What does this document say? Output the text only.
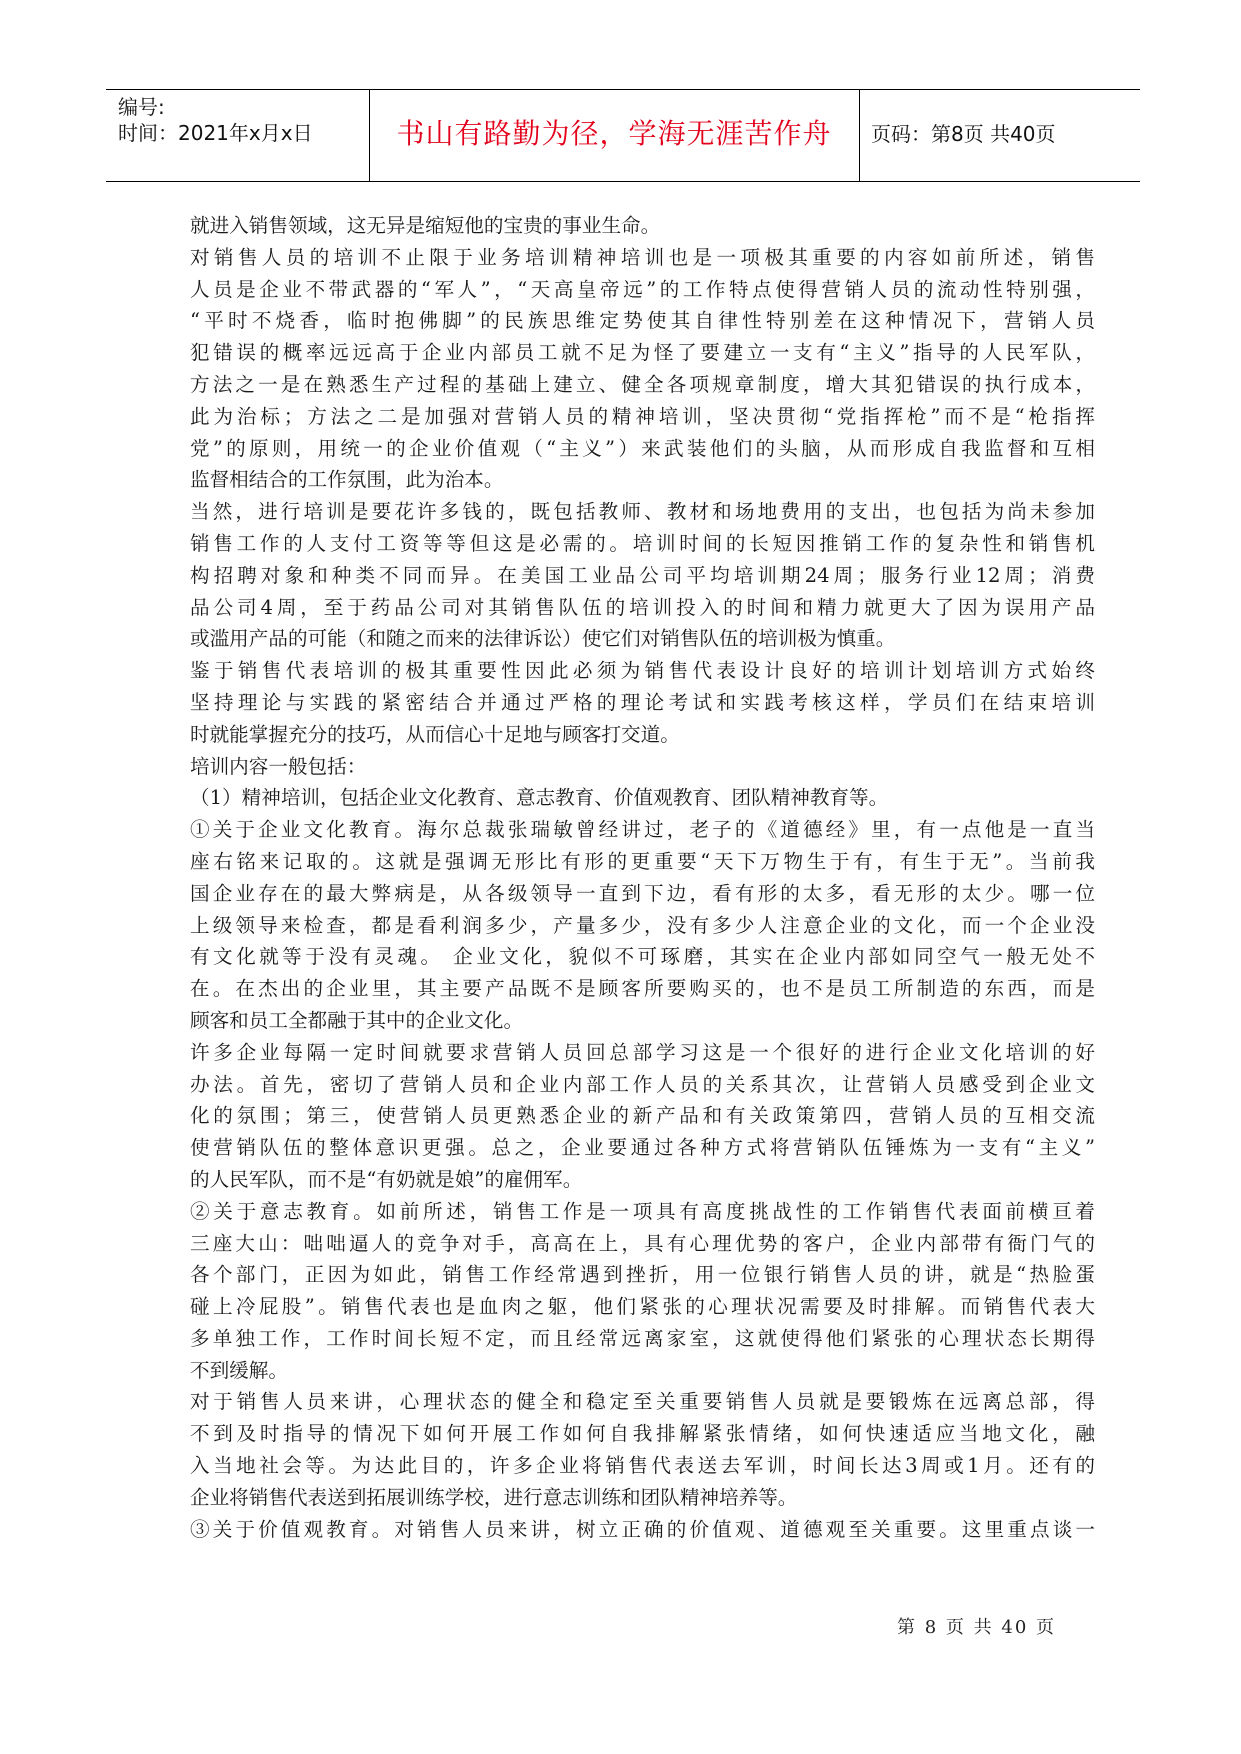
编号:
时间：2021年x月x日	书山有路勤为径，学海无涯苦作舟	页码：第8页 共40页
就进入销售领域，这无异是缩短他的宝贵的事业生命。
对销售人员的培训不止限于业务培训精神培训也是一项极其重要的内容如前所述，销售
人员是企业不带武器的“军人”，“天高皇帝远”的工作特点使得营销人员的流动性特别强，
“平时不烧香，临时抱佛脚”的民族思维定势使其自律性特别差在这种情况下，营销人员
犯错误的概率远远高于企业内部员工就不足为怪了要建立一支有“主义”指导的人民军队，
方法之一是在熟悉生产过程的基础上建立、健全各项规章制度，增大其犯错误的执行成本，
此为治标；方法之二是加强对营销人员的精神培训，坚决贯彻“党指挥枪”而不是“枪指挥
党”的原则，用统一的企业价值观（“主义”）来武装他们的头脑，从而形成自我监督和互相
监督相结合的工作氛围，此为治本。
当然，进行培训是要花许多钱的，既包括教师、教材和场地费用的支出，也包括为尚未参加
销售工作的人支付工资等等但这是必需的。培训时间的长短因推销工作的复杂性和销售机
构招聘对象和种类不同而异。在美国工业品公司平均培训期24周；服务行业12周；消费
品公司4周，至于药品公司对其销售队伍的培训投入的时间和精力就更大了因为误用产品
或滥用产品的可能（和随之而来的法律诉讼）使它们对销售队伍的培训极为慎重。
鉴于销售代表培训的极其重要性因此必须为销售代表设计良好的培训计划培训方式始终
坚持理论与实践的紧密结合并通过严格的理论考试和实践考核这样，学员们在结束培训
时就能掌握充分的技巧，从而信心十足地与顾客打交道。
培训内容一般包括：
（1）精神培训，包括企业文化教育、意志教育、价值观教育、团队精神教育等。
①关于企业文化教育。海尔总裁张瑞敏曾经讲过，老子的《道德经》里，有一点他是一直当
座右铭来记取的。这就是强调无形比有形的更重要“天下万物生于有，有生于无”。当前我
国企业存在的最大弊病是，从各级领导一直到下边，看有形的太多，看无形的太少。哪一位
上级领导来检查，都是看利润多少，产量多少，没有多少人注意企业的文化，而一个企业没
有文化就等于没有灵魂。 企业文化，貌似不可琢磨，其实在企业内部如同空气一般无处不
在。在杰出的企业里，其主要产品既不是顾客所要购买的，也不是员工所制造的东西，而是
顾客和员工全都融于其中的企业文化。
许多企业每隔一定时间就要求营销人员回总部学习这是一个很好的进行企业文化培训的好
办法。首先，密切了营销人员和企业内部工作人员的关系其次，让营销人员感受到企业文
化的氛围；第三，使营销人员更熟悉企业的新产品和有关政策第四，营销人员的互相交流
使营销队伍的整体意识更强。总之，企业要通过各种方式将营销队伍锤炼为一支有“主义”
的人民军队，而不是“有奶就是娘”的雇佣军。
②关于意志教育。如前所述，销售工作是一项具有高度挑战性的工作销售代表面前横亘着
三座大山：咄咄逼人的竞争对手，高高在上，具有心理优势的客户，企业内部带有衙门气的
各个部门，正因为如此，销售工作经常遇到挫折，用一位银行销售人员的讲，就是“热脸蛋
碰上冷屁股”。销售代表也是血肉之躯，他们紧张的心理状况需要及时排解。而销售代表大
多单独工作，工作时间长短不定，而且经常远离家室，这就使得他们紧张的心理状态长期得
不到缓解。
对于销售人员来讲，心理状态的健全和稳定至关重要销售人员就是要锻炼在远离总部，得
不到及时指导的情况下如何开展工作如何自我排解紧张情绪，如何快速适应当地文化，融
入当地社会等。为达此目的，许多企业将销售代表送去军训，时间长达3周或1月。还有的
企业将销售代表送到拓展训练学校，进行意志训练和团队精神培养等。
③关于价值观教育。对销售人员来讲，树立正确的价值观、道德观至关重要。这里重点谈一
第 8 页 共 40 页
